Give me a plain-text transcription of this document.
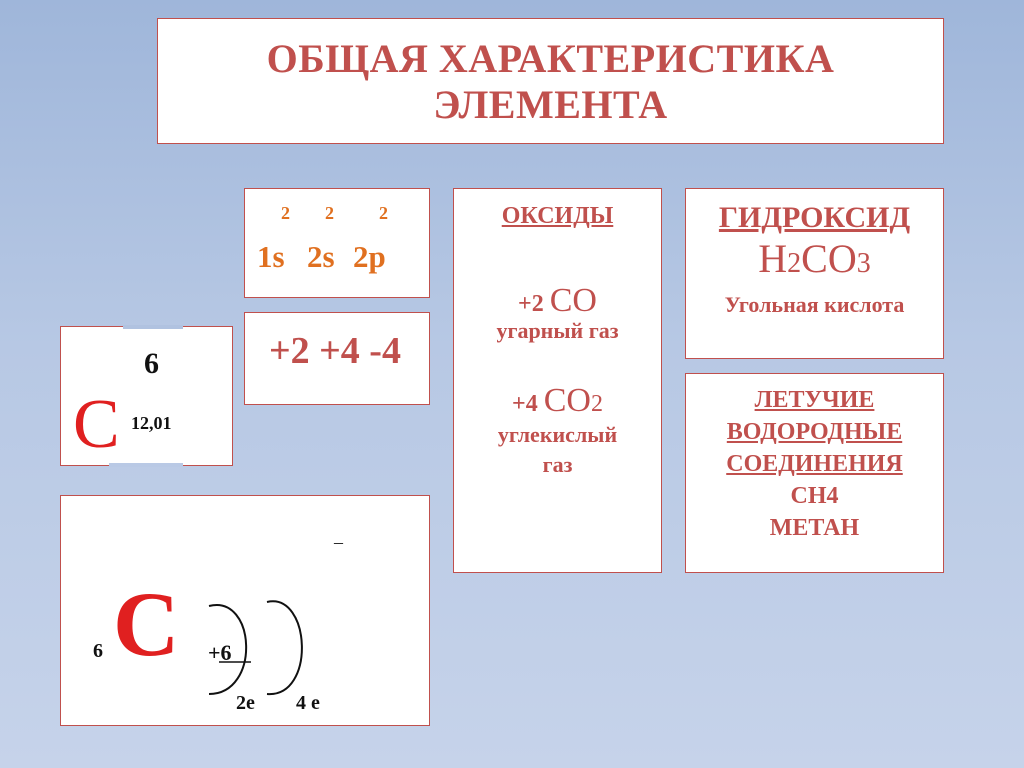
ОБЩАЯ ХАРАКТЕРИСТИКА
ЭЛЕМЕНТА
6
С 12,01
2 2	2
1s 2s 2p
+2 +4 -4
ОКСИДЫ
+2 CO
угарный газ
+4 CO2
углекислый
газ
ГИДРОКСИД
H2CO3
Угольная кислота
ЛЕТУЧИЕ
ВОДОРОДНЫЕ
СОЕДИНЕНИЯ
CH4
МЕТАН
–
6 С +6
2е 4 е
